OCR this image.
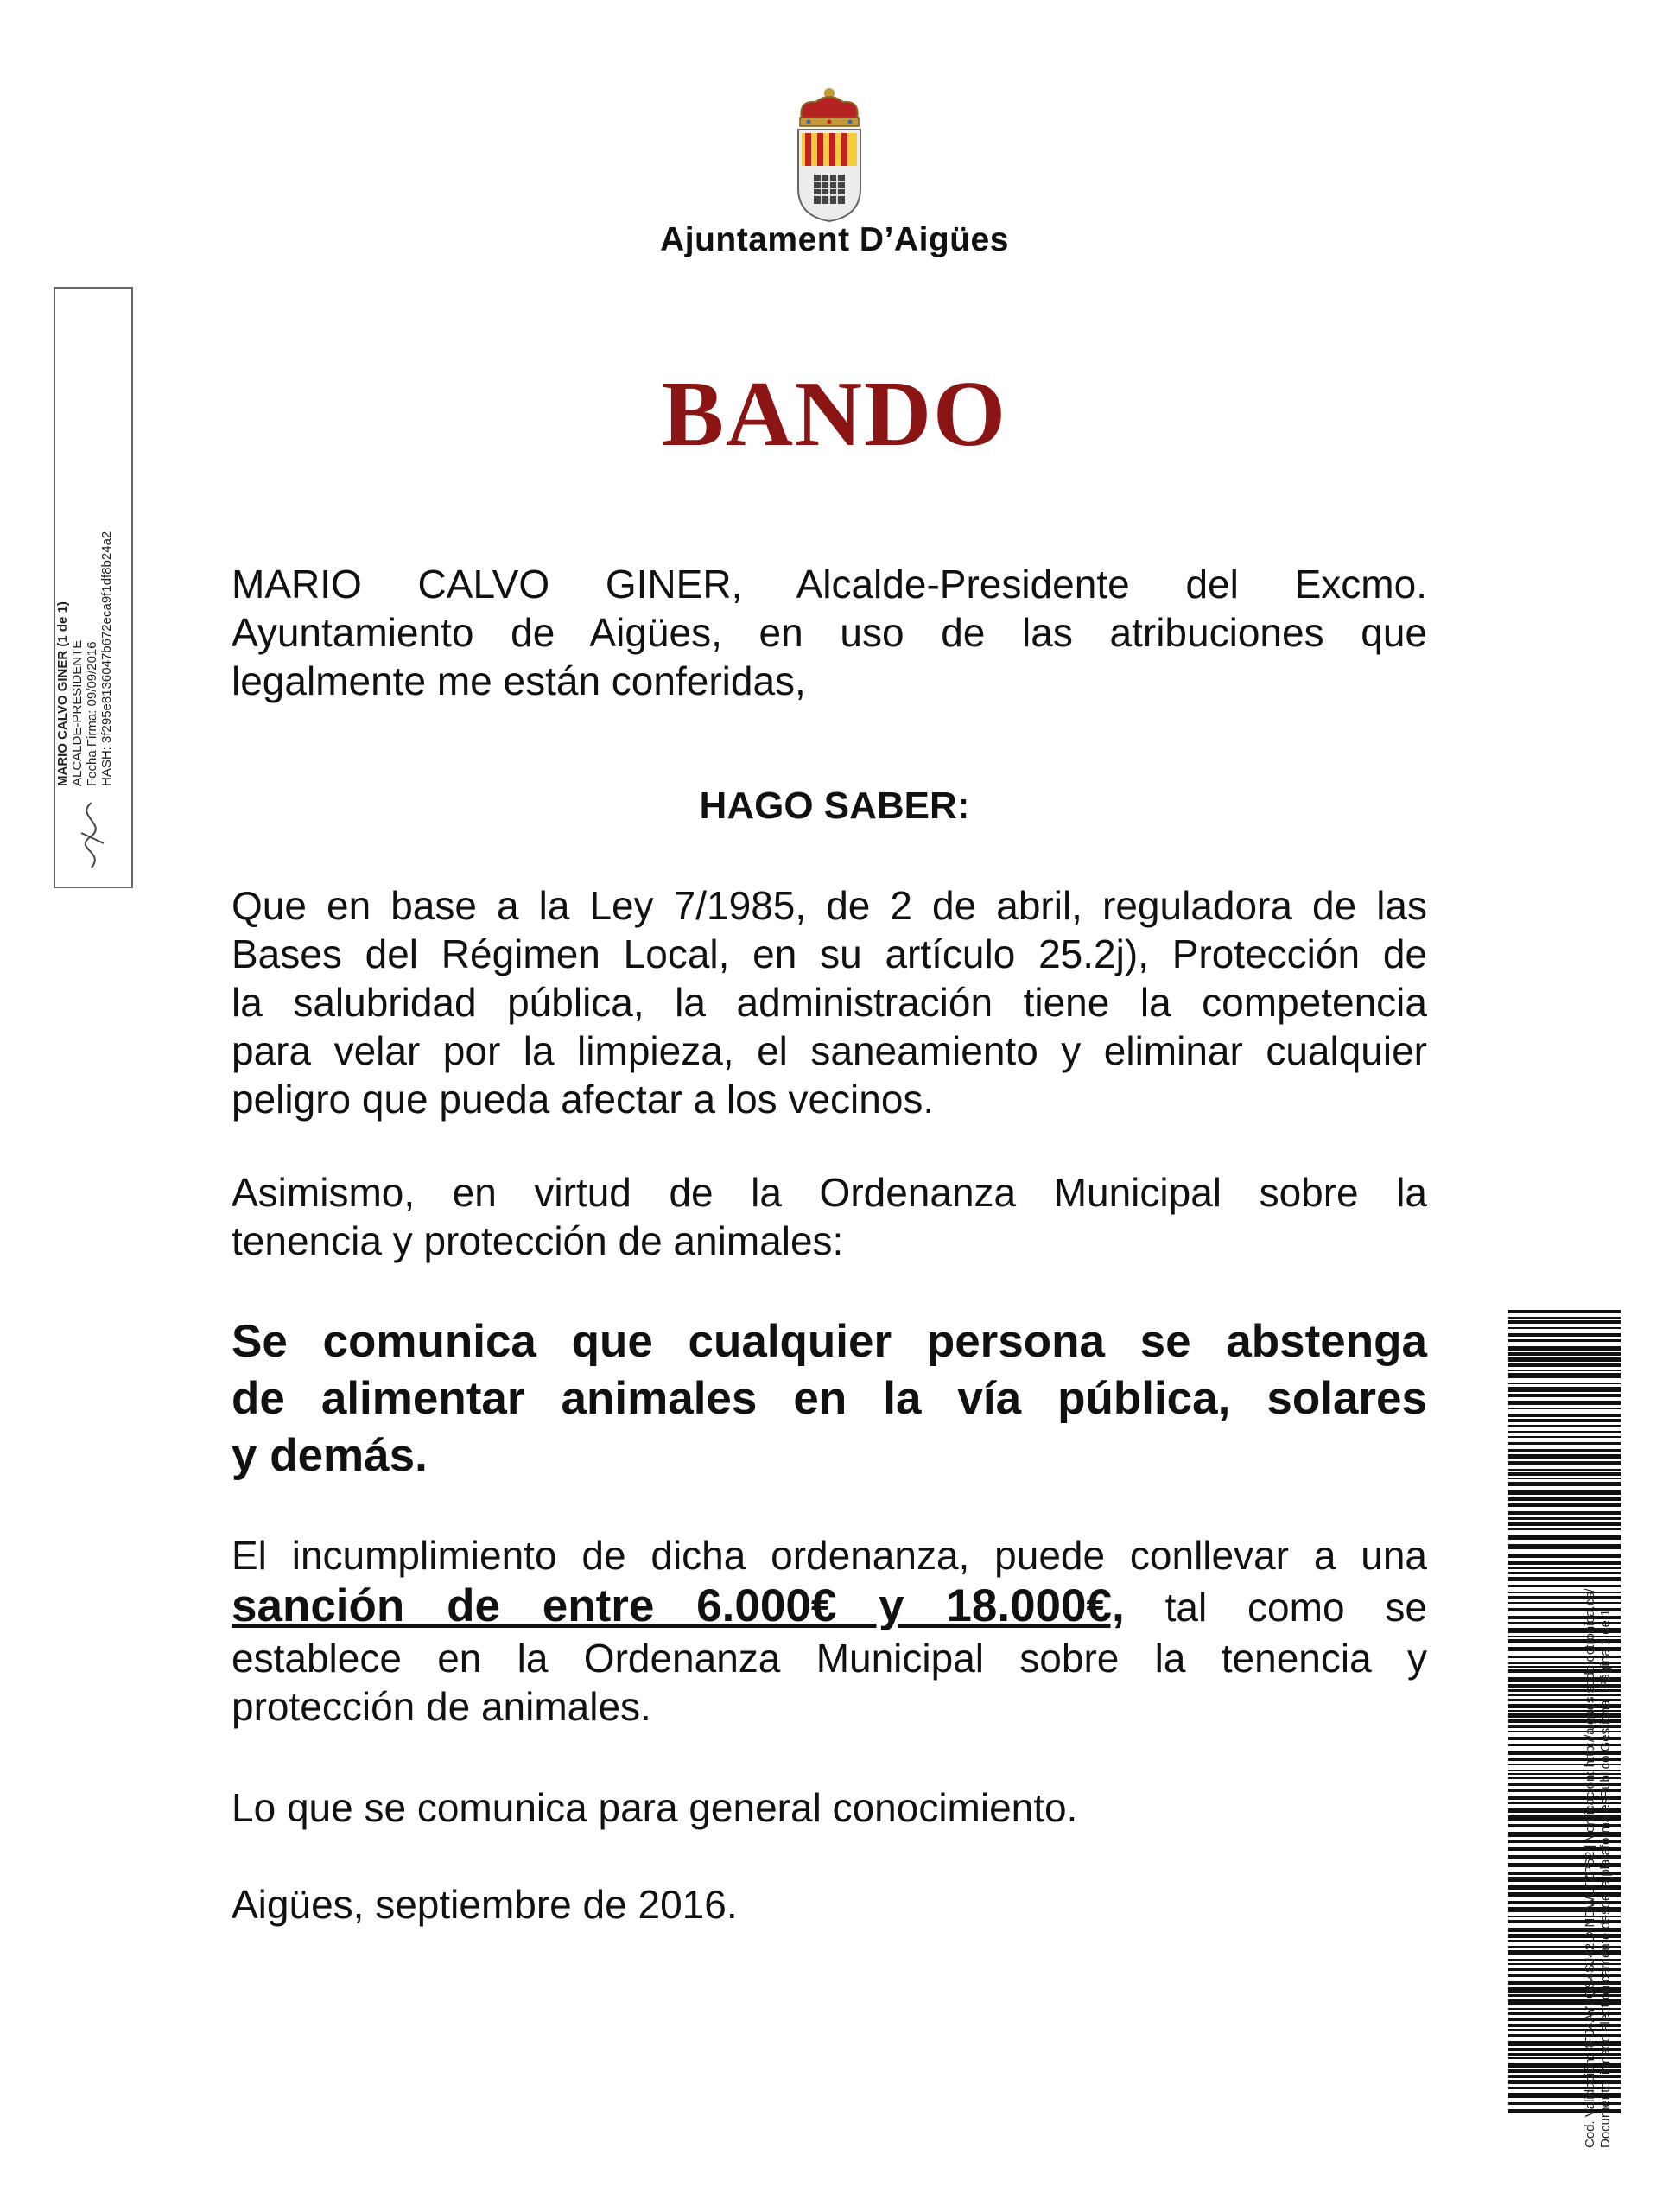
Ajuntament D’Aigües
BANDO
MARIO CALVO GINER, Alcalde-Presidente del Excmo.
Ayuntamiento de Aigües, en uso de las atribuciones que
legalmente me están conferidas,
HAGO SABER:
Que en base a la Ley 7/1985, de 2 de abril, reguladora de las
Bases del Régimen Local, en su artículo 25.2j), Protección de
la salubridad pública, la administración tiene la competencia
para velar por la limpieza, el saneamiento y eliminar cualquier
peligro que pueda afectar a los vecinos.
Asimismo, en virtud de la Ordenanza Municipal sobre la
tenencia y protección de animales:
Se comunica que cualquier persona se abstenga
de alimentar animales en la vía pública, solares
y demás.
El incumplimiento de dicha ordenanza, puede conllevar a una
sanción de entre 6.000€ y 18.000€, tal como se
establece en la Ordenanza Municipal sobre la tenencia y
protección de animales.
Lo que se comunica para general conocimiento.
Aigües, septiembre de 2016.
MARIO CALVO GINER (1 de 1) ALCALDE-PRESIDENTE Fecha Firma: 09/09/2016 HASH: 3f295e8136047b672eca9f1df8b24a2
Cod. Validación: 4FJ4AY2QS4SJ42LXNDWLTZP62 | Verificación: http://aigues.sedelectronica.es/ Documento firmado electrónicamente desde la plataforma esPublico Gestiona | Página 1 de 1
